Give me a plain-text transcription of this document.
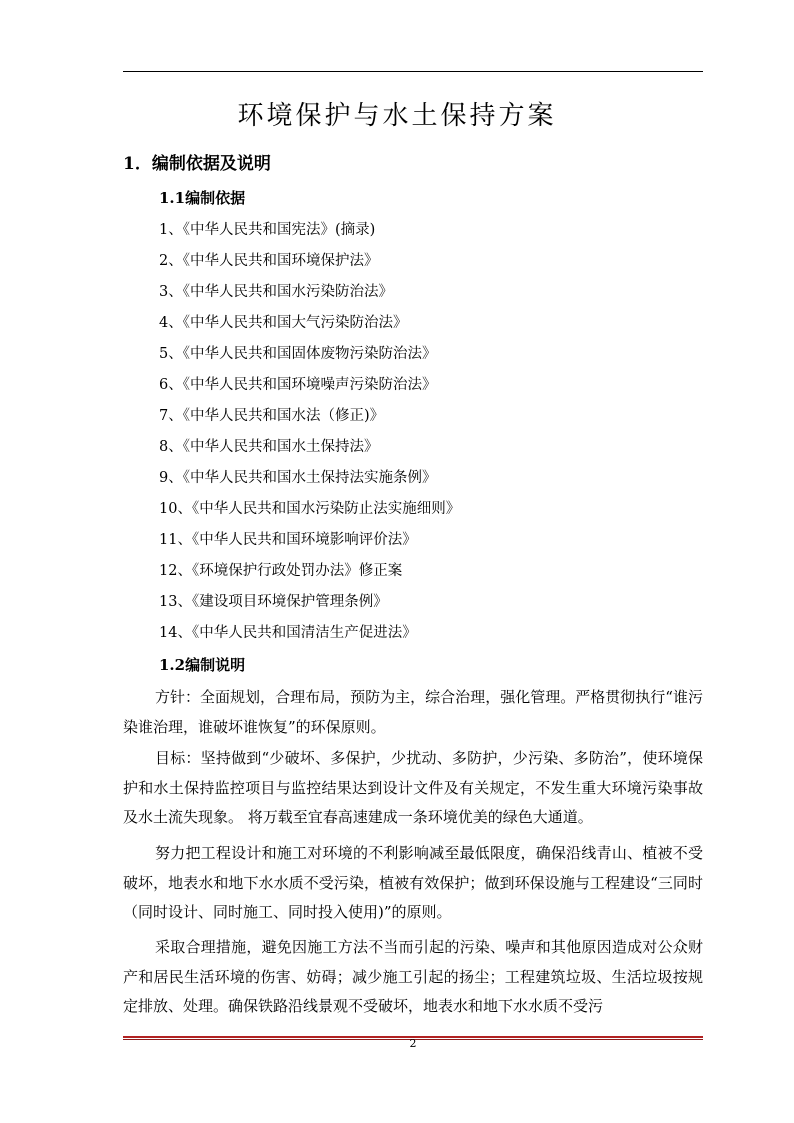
环境保护与水土保持方案
1．编制依据及说明
1.1编制依据
1、《中华人民共和国宪法》(摘录)
2、《中华人民共和国环境保护法》
3、《中华人民共和国水污染防治法》
4、《中华人民共和国大气污染防治法》
5、《中华人民共和国固体废物污染防治法》
6、《中华人民共和国环境噪声污染防治法》
7、《中华人民共和国水法（修正)》
8、《中华人民共和国水土保持法》
9、《中华人民共和国水土保持法实施条例》
10、《中华人民共和国水污染防止法实施细则》
11、《中华人民共和国环境影响评价法》
12、《环境保护行政处罚办法》修正案
13、《建设项目环境保护管理条例》
14、《中华人民共和国清洁生产促进法》
1.2编制说明

方针：全面规划，合理布局，预防为主，综合治理，强化管理。严格贯彻执行“谁污染谁治理，谁破坏谁恢复”的环保原则。

目标：坚持做到“少破坏、多保护，少扰动、多防护，少污染、多防治”，使环境保护和水土保持监控项目与监控结果达到设计文件及有关规定，不发生重大环境污染事故及水土流失现象。 将万载至宜春高速建成一条环境优美的绿色大通道。

努力把工程设计和施工对环境的不利影响减至最低限度，确保沿线青山、植被不受破坏，地表水和地下水水质不受污染，植被有效保护；做到环保设施与工程建设“三同时（同时设计、同时施工、同时投入使用)”的原则。

采取合理措施，避免因施工方法不当而引起的污染、噪声和其他原因造成对公众财产和居民生活环境的伤害、妨碍；减少施工引起的扬尘；工程建筑垃圾、生活垃圾按规定排放、处理。确保铁路沿线景观不受破坏，地表水和地下水水质不受污

2
